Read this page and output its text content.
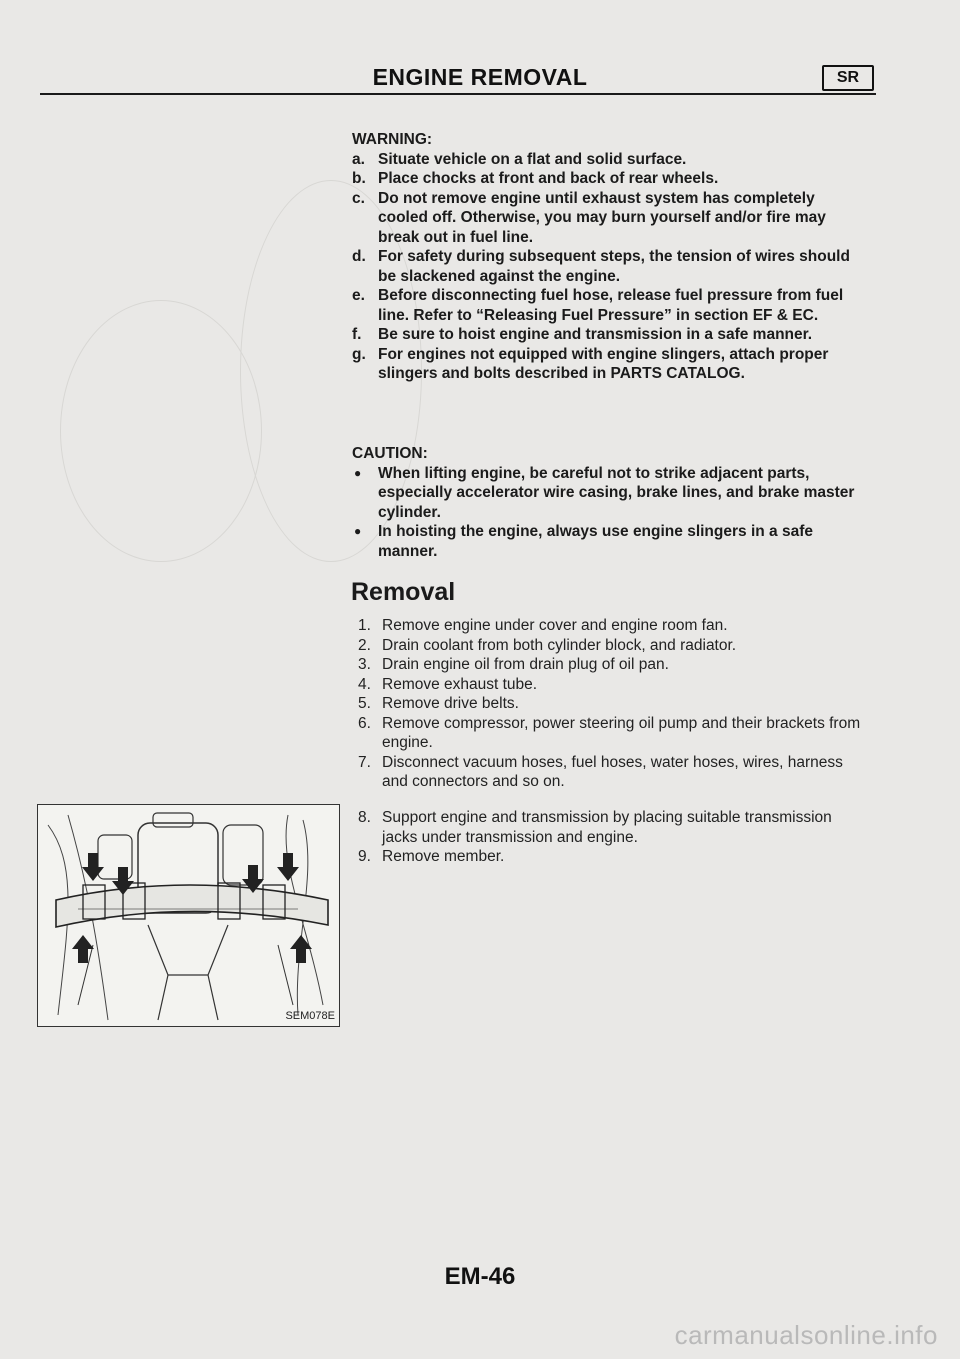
ENGINE REMOVAL	SR
WARNING:
a. Situate vehicle on a flat and solid surface.
b. Place chocks at front and back of rear wheels.
c. Do not remove engine until exhaust system has completely cooled off. Otherwise, you may burn yourself and/or fire may break out in fuel line.
d. For safety during subsequent steps, the tension of wires should be slackened against the engine.
e. Before disconnecting fuel hose, release fuel pressure from fuel line. Refer to “Releasing Fuel Pressure” in section EF & EC.
f.	Be sure to hoist engine and transmission in a safe manner.
g. For engines not equipped with engine slingers, attach proper slingers and bolts described in PARTS CATALOG.
CAUTION:
●	When lifting engine, be careful not to strike adjacent parts, especially accelerator wire casing, brake lines, and brake master cylinder.
●	In hoisting the engine, always use engine slingers in a safe manner.
Removal
1. Remove engine under cover and engine room fan.
2. Drain coolant from both cylinder block, and radiator.
3. Drain engine oil from drain plug of oil pan.
4. Remove exhaust tube.
5. Remove drive belts.
6. Remove compressor, power steering oil pump and their brackets from engine.
7. Disconnect vacuum hoses, fuel hoses, water hoses, wires, harness and connectors and so on.
8. Support engine and transmission by placing suitable transmission jacks under transmission and engine.
9. Remove member.
SEM078E
EM-46
carmanualsonline.info
